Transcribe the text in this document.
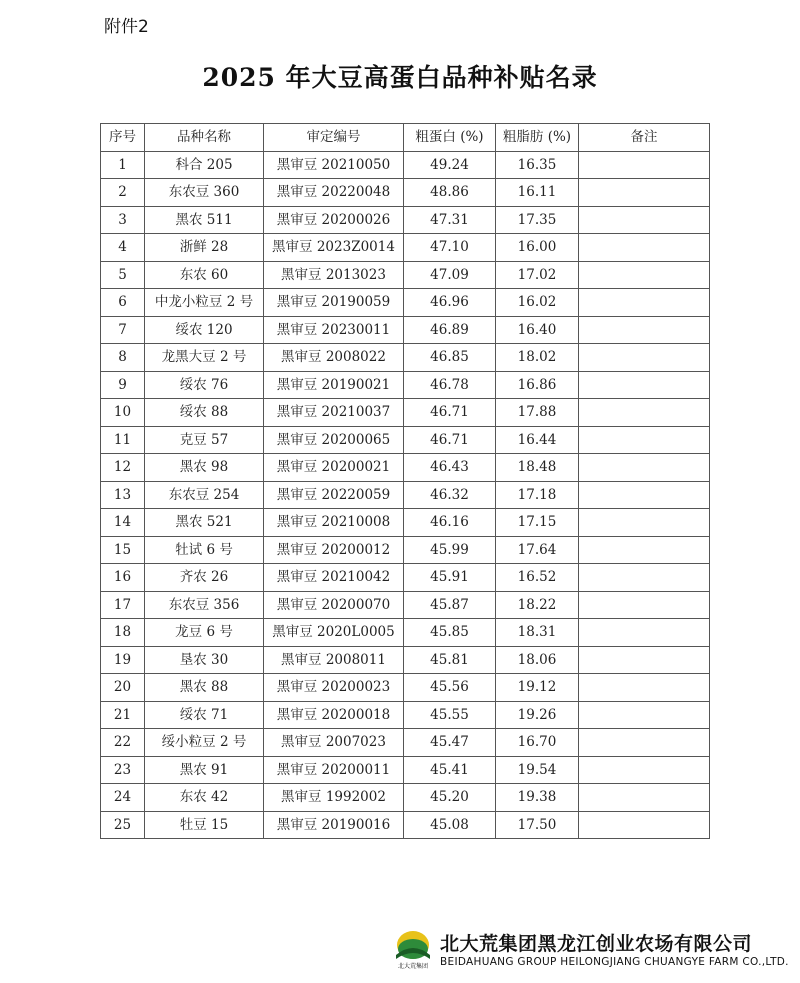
附件2
2025 年大豆高蛋白品种补贴名录
序号	品种名称	审定编号	粗蛋白 (%)	粗脂肪 (%)	备注
1	科合 205	黑审豆 20210050	49.24	16.35	
2	东农豆 360	黑审豆 20220048	48.86	16.11	
3	黑农 511	黑审豆 20200026	47.31	17.35	
4	浙鲜 28	黑审豆 2023Z0014	47.10	16.00	
5	东农 60	黑审豆 2013023	47.09	17.02	
6	中龙小粒豆 2 号	黑审豆 20190059	46.96	16.02	
7	绥农 120	黑审豆 20230011	46.89	16.40	
8	龙黑大豆 2 号	黑审豆 2008022	46.85	18.02	
9	绥农 76	黑审豆 20190021	46.78	16.86	
10	绥农 88	黑审豆 20210037	46.71	17.88	
11	克豆 57	黑审豆 20200065	46.71	16.44	
12	黑农 98	黑审豆 20200021	46.43	18.48	
13	东农豆 254	黑审豆 20220059	46.32	17.18	
14	黑农 521	黑审豆 20210008	46.16	17.15	
15	牡试 6 号	黑审豆 20200012	45.99	17.64	
16	齐农 26	黑审豆 20210042	45.91	16.52	
17	东农豆 356	黑审豆 20200070	45.87	18.22	
18	龙豆 6 号	黑审豆 2020L0005	45.85	18.31	
19	垦农 30	黑审豆 2008011	45.81	18.06	
20	黑农 88	黑审豆 20200023	45.56	19.12	
21	绥农 71	黑审豆 20200018	45.55	19.26	
22	绥小粒豆 2 号	黑审豆 2007023	45.47	16.70	
23	黑农 91	黑审豆 20200011	45.41	19.54	
24	东农 42	黑审豆 1992002	45.20	19.38	
25	牡豆 15	黑审豆 20190016	45.08	17.50	
北大荒集团
北大荒集团黑龙江创业农场有限公司
BEIDAHUANG GROUP HEILONGJIANG CHUANGYE FARM CO.,LTD.
